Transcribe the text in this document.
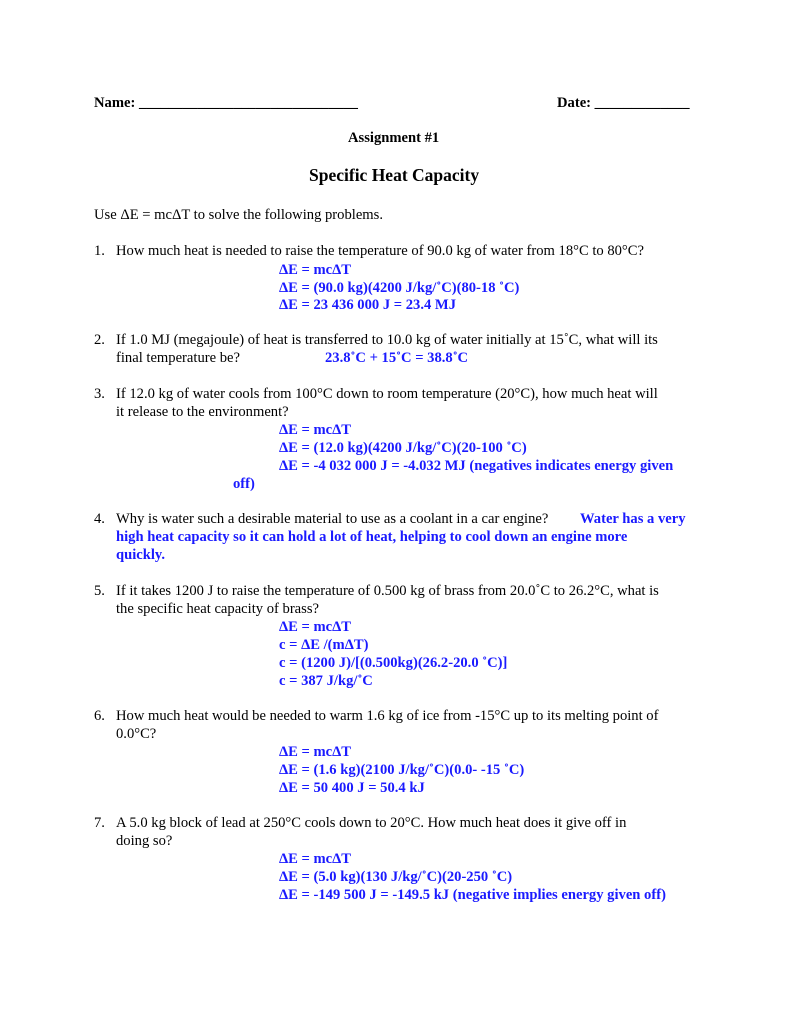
Name: ______________________________	Date: _____________
Assignment #1
Specific Heat Capacity
Use ΔE = mcΔT to solve the following problems.
1. How much heat is needed to raise the temperature of 90.0 kg of water from 18°C to 80°C?
ΔE = mcΔT
ΔE = (90.0 kg)(4200 J/kg/˚C)(80-18 ˚C)
ΔE = 23 436 000 J = 23.4 MJ
2. If 1.0 MJ (megajoule) of heat is transferred to 10.0 kg of water initially at 15˚C, what will its
final temperature be?	23.8˚C + 15˚C = 38.8˚C
3. If 12.0 kg of water cools from 100°C down to room temperature (20°C), how much heat will
it release to the environment?
ΔE = mcΔT
ΔE = (12.0 kg)(4200 J/kg/˚C)(20-100 ˚C)
ΔE = -4 032 000 J = -4.032 MJ (negatives indicates energy given
off)
4. Why is water such a desirable material to use as a coolant in a car engine? Water has a very
high heat capacity so it can hold a lot of heat, helping to cool down an engine more
quickly.
5. If it takes 1200 J to raise the temperature of 0.500 kg of brass from 20.0˚C to 26.2°C, what is
the specific heat capacity of brass?
ΔE = mcΔT
c = ΔE /(mΔT)
c = (1200 J)/[(0.500kg)(26.2-20.0 ˚C)]
c = 387 J/kg/˚C
6. How much heat would be needed to warm 1.6 kg of ice from -15°C up to its melting point of
0.0°C?
ΔE = mcΔT
ΔE = (1.6 kg)(2100 J/kg/˚C)(0.0- -15 ˚C)
ΔE = 50 400 J = 50.4 kJ
7. A 5.0 kg block of lead at 250°C cools down to 20°C. How much heat does it give off in
doing so?
ΔE = mcΔT
ΔE = (5.0 kg)(130 J/kg/˚C)(20-250 ˚C)
ΔE = -149 500 J = -149.5 kJ (negative implies energy given off)
